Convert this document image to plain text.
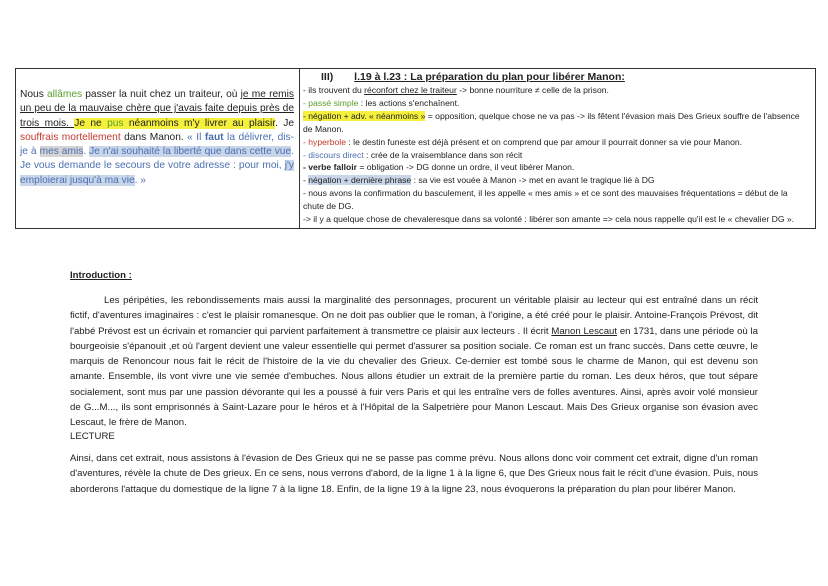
Nous allâmes passer la nuit chez un traiteur, où je me remis un peu de la mauvaise chère que j'avais faite depuis près de trois mois. Je ne pus néanmoins m'y livrer au plaisir. Je souffrais mortellement dans Manon. « Il faut la délivrer, dis-je à mes amis. Je n'ai souhaité la liberté que dans cette vue. Je vous demande le secours de votre adresse : pour moi, j'y emploierai jusqu'à ma vie. »

III) l.19 à l.23 : La préparation du plan pour libérer Manon:
- ils trouvent du réconfort chez le traiteur -> bonne nourriture ≠ celle de la prison.
- passé simple : les actions s'enchaînent.
- négation + adv. « néanmoins » = opposition, quelque chose ne va pas -> ils fêtent l'évasion mais Des Grieux souffre de l'absence de Manon.
- hyperbole : le destin funeste est déjà présent et on comprend que par amour il pourrait donner sa vie pour Manon.
- discours direct : crée de la vraisemblance dans son récit
- verbe falloir = obligation -> DG donne un ordre, il veut libérer Manon.
- négation + dernière phrase : sa vie est vouée à Manon -> met en avant le tragique lié à DG
- nous avons la confirmation du basculement, il les appelle « mes amis » et ce sont des mauvaises fréquentations = début de la chute de DG.
-> il y a quelque chose de chevaleresque dans sa volonté : libérer son amante => cela nous rappelle qu'il est le « chevalier DG ».
Introduction :
Les péripéties, les rebondissements mais aussi la marginalité des personnages, procurent un véritable plaisir au lecteur qui est entraîné dans un récit fictif, d'aventures imaginaires : c'est le plaisir romanesque. On ne doit pas oublier que le roman, à l'origine, a été créé pour le plaisir. Antoine-François Prévost, dit l'abbé Prévost est un écrivain et romancier qui parvient parfaitement à transmettre ce plaisir aux lecteurs . Il écrit Manon Lescaut en 1731, dans une période où la bourgeoisie s'épanouit ,et où l'argent devient une valeur essentielle qui permet d'assurer sa position sociale. Ce roman est un franc succès. Dans cette œuvre, le marquis de Renoncour nous fait le récit de l'histoire de la vie du chevalier des Grieux. Ce-dernier est tombé sous le charme de Manon, qui est devenu son amante. Ensemble, ils vont vivre une vie semée d'embuches. Nous allons étudier un extrait de la première partie du roman. Les deux héros, que tout sépare socialement, sont mus par une passion dévorante qui les a poussé à fuir vers Paris et qui les entraîne vers de folles aventures. Ainsi, après avoir volé monsieur de G...M..., ils sont emprisonnés à Saint-Lazare pour le héros et à l'Hôpital de la Salpetrière pour Manon Lescaut. Mais Des Grieux organise son évasion avec Lescaut, le frère de Manon.
LECTURE
Ainsi, dans cet extrait, nous assistons à l'évasion de Des Grieux qui ne se passe pas comme prévu. Nous allons donc voir comment cet extrait, digne d'un roman d'aventures, révèle la chute de Des grieux. En ce sens, nous verrons d'abord, de la ligne 1 à la ligne 6, que Des Grieux nous fait le récit d'une évasion. Puis, nous aborderons l'attaque du domestique de la ligne 7 à la ligne 18. Enfin, de la ligne 19 à la ligne 23, nous évoquerons la préparation du plan pour libérer Manon.
